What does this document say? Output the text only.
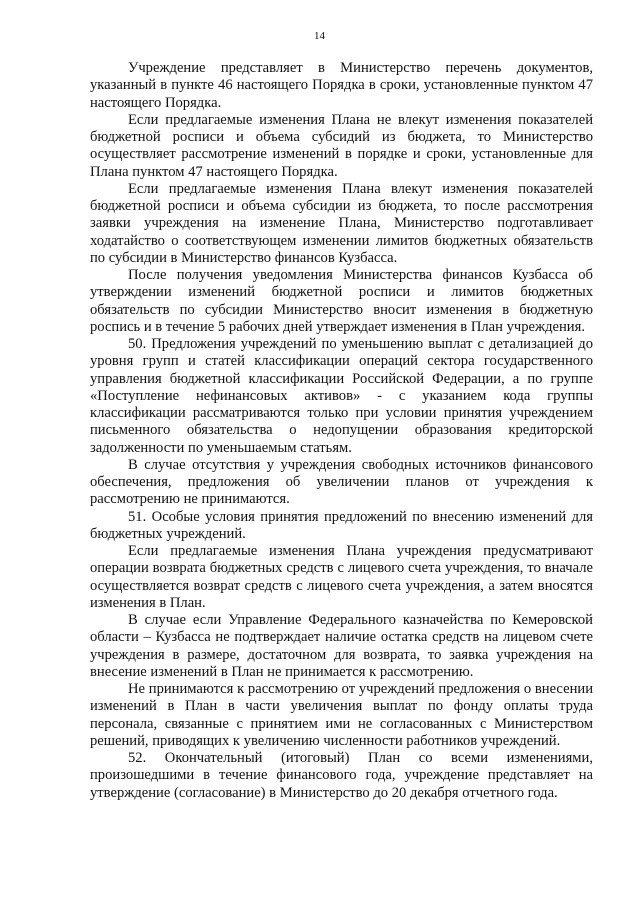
14

Учреждение представляет в Министерство перечень документов, указанный в пункте 46 настоящего Порядка в сроки, установленные пунктом 47 настоящего Порядка.

Если предлагаемые изменения Плана не влекут изменения показателей бюджетной росписи и объема субсидий из бюджета, то Министерство осуществляет рассмотрение изменений в порядке и сроки, установленные для Плана пунктом 47 настоящего Порядка.

Если предлагаемые изменения Плана влекут изменения показателей бюджетной росписи и объема субсидии из бюджета, то после рассмотрения заявки учреждения на изменение Плана, Министерство подготавливает ходатайство о соответствующем изменении лимитов бюджетных обязательств по субсидии в Министерство финансов Кузбасса.

После получения уведомления Министерства финансов Кузбасса об утверждении изменений бюджетной росписи и лимитов бюджетных обязательств по субсидии Министерство вносит изменения в бюджетную роспись и в течение 5 рабочих дней утверждает изменения в План учреждения.

50. Предложения учреждений по уменьшению выплат с детализацией до уровня групп и статей классификации операций сектора государственного управления бюджетной классификации Российской Федерации, а по группе «Поступление нефинансовых активов» - с указанием кода группы классификации рассматриваются только при условии принятия учреждением письменного обязательства о недопущении образования кредиторской задолженности по уменьшаемым статьям.

В случае отсутствия у учреждения свободных источников финансового обеспечения, предложения об увеличении планов от учреждения к рассмотрению не принимаются.

51. Особые условия принятия предложений по внесению изменений для бюджетных учреждений.

Если предлагаемые изменения Плана учреждения предусматривают операции возврата бюджетных средств с лицевого счета учреждения, то вначале осуществляется возврат средств с лицевого счета учреждения, а затем вносятся изменения в План.

В случае если Управление Федерального казначейства по Кемеровской области – Кузбасса не подтверждает наличие остатка средств на лицевом счете учреждения в размере, достаточном для возврата, то заявка учреждения на внесение изменений в План не принимается к рассмотрению.

Не принимаются к рассмотрению от учреждений предложения о внесении изменений в План в части увеличения выплат по фонду оплаты труда персонала, связанные с принятием ими не согласованных с Министерством решений, приводящих к увеличению численности работников учреждений.

52. Окончательный (итоговый) План со всеми изменениями, произошедшими в течение финансового года, учреждение представляет на утверждение (согласование) в Министерство до 20 декабря отчетного года.
